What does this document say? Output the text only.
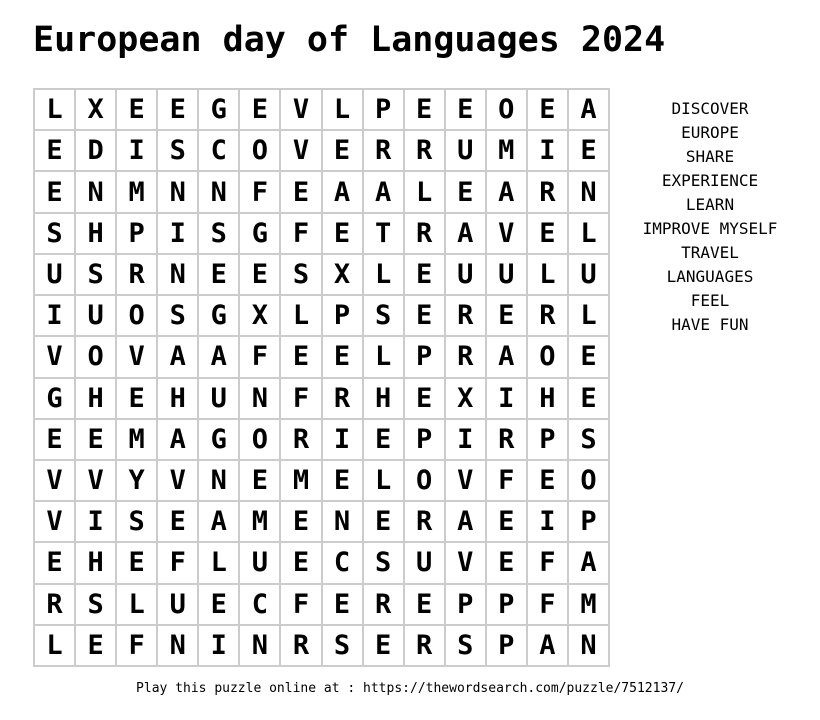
European day of Languages 2024
L X E E G E V L P E E O E A
E D I S C O V E R R U M I E
E N M N N F E A A L E A R N
S H P I S G F E T R A V E L
U S R N E E S X L E U U L U
I U O S G X L P S E R E R L
V O V A A F E E L P R A O E
G H E H U N F R H E X I H E
E E M A G O R I E P I R P S
V V Y V N E M E L O V F E O
V I S E A M E N E R A E I P
E H E F L U E C S U V E F A
R S L U E C F E R E P P F M
L E F N I N R S E R S P A N
DISCOVER
EUROPE
SHARE
EXPERIENCE
LEARN
IMPROVE MYSELF
TRAVEL
LANGUAGES
FEEL
HAVE FUN
Play this puzzle online at : https://thewordsearch.com/puzzle/7512137/
